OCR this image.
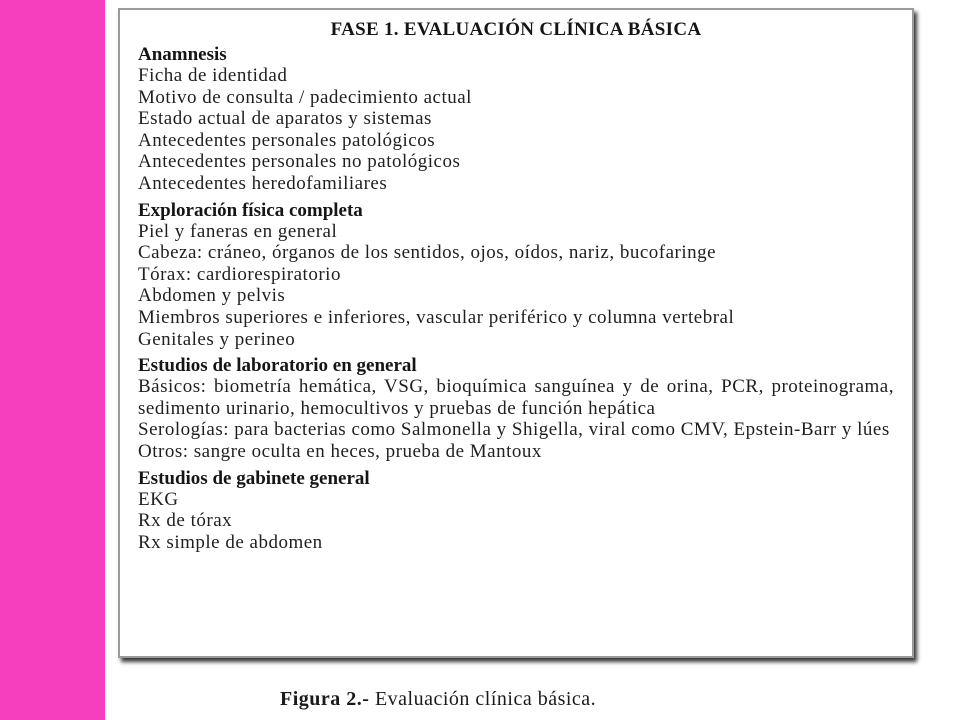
FASE 1. EVALUACIÓN CLÍNICA BÁSICA
Anamnesis
Ficha de identidad
Motivo de consulta / padecimiento actual
Estado actual de aparatos y sistemas
Antecedentes personales patológicos
Antecedentes personales no patológicos
Antecedentes heredofamiliares
Exploración física completa
Piel y faneras en general
Cabeza: cráneo, órganos de los sentidos, ojos, oídos, nariz, bucofaringe
Tórax: cardiorespiratorio
Abdomen y pelvis
Miembros superiores e inferiores, vascular periférico y columna vertebral
Genitales y perineo
Estudios de laboratorio en general
Básicos: biometría hemática, VSG, bioquímica sanguínea y de orina, PCR, proteinograma, sedimento urinario, hemocultivos y pruebas de función hepática
Serologías: para bacterias como Salmonella y Shigella, viral como CMV, Epstein-Barr y lúes
Otros: sangre oculta en heces, prueba de Mantoux
Estudios de gabinete general
EKG
Rx de tórax
Rx simple de abdomen
Figura 2.- Evaluación clínica básica.
